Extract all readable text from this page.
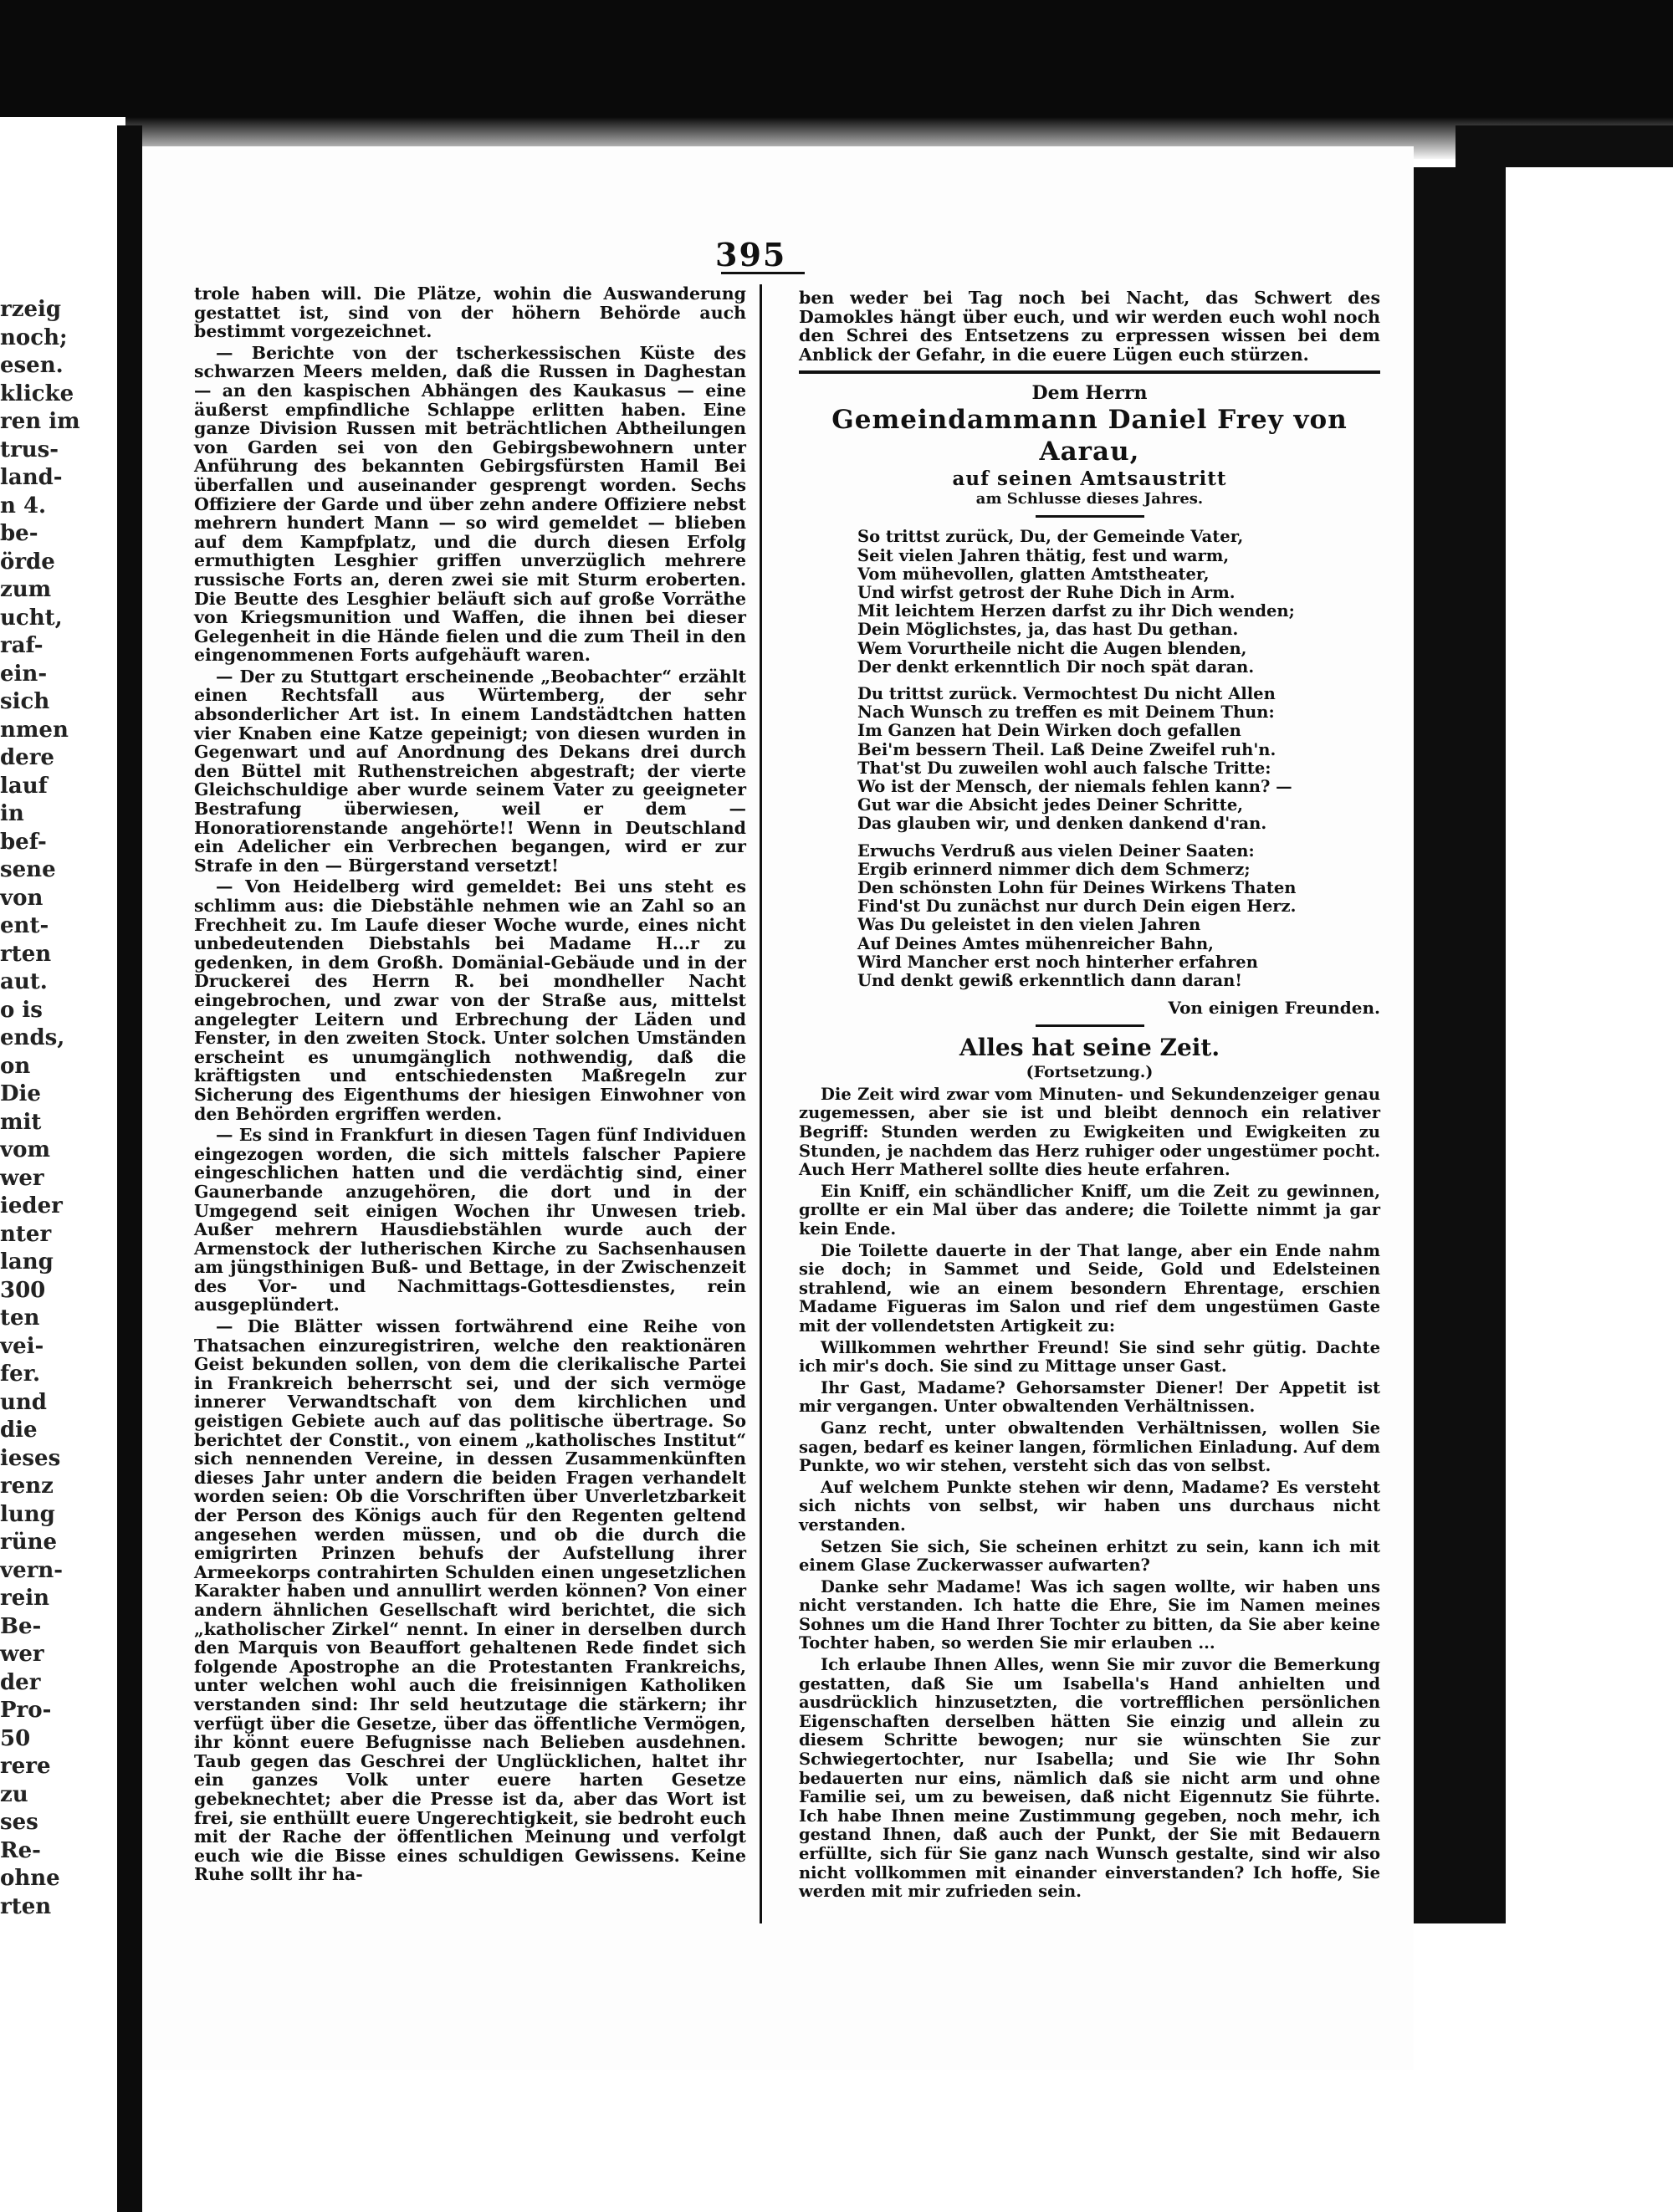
rzeig
noch;
esen.
klicke
ren im
trus-
land-
n 4.
be-
örde
zum
ucht,
raf-
ein-
sich
nmen
dere
lauf
in
bef-
sene
von
ent-
rten
aut.
o is
ends,
on
Die
mit
vom
wer
ieder
nter
lang
300
ten
vei-
fer.
und
die
ieses
renz
lung
rüne
vern-
rein
Be-
wer
der
Pro-
50
rere
zu
ses
Re-
ohne
rten
395

trole haben will. Die Plätze, wohin die Auswanderung gestattet ist, sind von der höhern Behörde auch bestimmt vorgezeichnet.

— Berichte von der tscherkessischen Küste des schwarzen Meers melden, daß die Russen in Daghestan — an den kaspischen Abhängen des Kaukasus — eine äußerst empfindliche Schlappe erlitten haben. Eine ganze Division Russen mit beträchtlichen Abtheilungen von Garden sei von den Gebirgsbewohnern unter Anführung des bekannten Gebirgsfürsten Hamil Bei überfallen und auseinander gesprengt worden. Sechs Offiziere der Garde und über zehn andere Offiziere nebst mehrern hundert Mann — so wird gemeldet — blieben auf dem Kampfplatz, und die durch diesen Erfolg ermuthigten Lesghier griffen unverzüglich mehrere russische Forts an, deren zwei sie mit Sturm eroberten. Die Beutte des Lesghier beläuft sich auf große Vorräthe von Kriegsmunition und Waffen, die ihnen bei dieser Gelegenheit in die Hände fielen und die zum Theil in den eingenommenen Forts aufgehäuft waren.

— Der zu Stuttgart erscheinende „Beobachter“ erzählt einen Rechtsfall aus Würtemberg, der sehr absonderlicher Art ist. In einem Landstädtchen hatten vier Knaben eine Katze gepeinigt; von diesen wurden in Gegenwart und auf Anordnung des Dekans drei durch den Büttel mit Ruthenstreichen abgestraft; der vierte Gleichschuldige aber wurde seinem Vater zu geeigneter Bestrafung überwiesen, weil er dem — Honoratiorenstande angehörte!! Wenn in Deutschland ein Adelicher ein Verbrechen begangen, wird er zur Strafe in den — Bürgerstand versetzt!

— Von Heidelberg wird gemeldet: Bei uns steht es schlimm aus: die Diebstähle nehmen wie an Zahl so an Frechheit zu. Im Laufe dieser Woche wurde, eines nicht unbedeutenden Diebstahls bei Madame H...r zu gedenken, in dem Großh. Domänial-Gebäude und in der Druckerei des Herrn R. bei mondheller Nacht eingebrochen, und zwar von der Straße aus, mittelst angelegter Leitern und Erbrechung der Läden und Fenster, in den zweiten Stock. Unter solchen Umständen erscheint es unumgänglich nothwendig, daß die kräftigsten und entschiedensten Maßregeln zur Sicherung des Eigenthums der hiesigen Einwohner von den Behörden ergriffen werden.

— Es sind in Frankfurt in diesen Tagen fünf Individuen eingezogen worden, die sich mittels falscher Papiere eingeschlichen hatten und die verdächtig sind, einer Gaunerbande anzugehören, die dort und in der Umgegend seit einigen Wochen ihr Unwesen trieb. Außer mehrern Hausdiebstählen wurde auch der Armenstock der lutherischen Kirche zu Sachsenhausen am jüngsthinigen Buß- und Bettage, in der Zwischenzeit des Vor- und Nachmittags-Gottesdienstes, rein ausgeplündert.

— Die Blätter wissen fortwährend eine Reihe von Thatsachen einzuregistriren, welche den reaktionären Geist bekunden sollen, von dem die clerikalische Partei in Frankreich beherrscht sei, und der sich vermöge innerer Verwandtschaft von dem kirchlichen und geistigen Gebiete auch auf das politische übertrage. So berichtet der Constit., von einem „katholisches Institut“ sich nennenden Vereine, in dessen Zusammenkünften dieses Jahr unter andern die beiden Fragen verhandelt worden seien: Ob die Vorschriften über Unverletzbarkeit der Person des Königs auch für den Regenten geltend angesehen werden müssen, und ob die durch die emigrirten Prinzen behufs der Aufstellung ihrer Armeekorps contrahirten Schulden einen ungesetzlichen Karakter haben und annullirt werden können? Von einer andern ähnlichen Gesellschaft wird berichtet, die sich „katholischer Zirkel“ nennt. In einer in derselben durch den Marquis von Beauffort gehaltenen Rede findet sich folgende Apostrophe an die Protestanten Frankreichs, unter welchen wohl auch die freisinnigen Katholiken verstanden sind: Ihr seld heutzutage die stärkern; ihr verfügt über die Gesetze, über das öffentliche Vermögen, ihr könnt euere Befugnisse nach Belieben ausdehnen. Taub gegen das Geschrei der Unglücklichen, haltet ihr ein ganzes Volk unter euere harten Gesetze gebeknechtet; aber die Presse ist da, aber das Wort ist frei, sie enthüllt euere Ungerechtigkeit, sie bedroht euch mit der Rache der öffentlichen Meinung und verfolgt euch wie die Bisse eines schuldigen Gewissens. Keine Ruhe sollt ihr ha-

ben weder bei Tag noch bei Nacht, das Schwert des Damokles hängt über euch, und wir werden euch wohl noch den Schrei des Entsetzens zu erpressen wissen bei dem Anblick der Gefahr, in die euere Lügen euch stürzen.

Dem Herrn
Gemeindammann Daniel Frey von Aarau,
auf seinen Amtsaustritt
am Schlusse dieses Jahres.
So trittst zurück, Du, der Gemeinde Vater,
Seit vielen Jahren thätig, fest und warm,
Vom mühevollen, glatten Amtstheater,
Und wirfst getrost der Ruhe Dich in Arm.
Mit leichtem Herzen darfst zu ihr Dich wenden;
Dein Möglichstes, ja, das hast Du gethan.
Wem Vorurtheile nicht die Augen blenden,
Der denkt erkenntlich Dir noch spät daran.
Du trittst zurück. Vermochtest Du nicht Allen
Nach Wunsch zu treffen es mit Deinem Thun:
Im Ganzen hat Dein Wirken doch gefallen
Bei'm bessern Theil. Laß Deine Zweifel ruh'n.
That'st Du zuweilen wohl auch falsche Tritte:
Wo ist der Mensch, der niemals fehlen kann? —
Gut war die Absicht jedes Deiner Schritte,
Das glauben wir, und denken dankend d'ran.
Erwuchs Verdruß aus vielen Deiner Saaten:
Ergib erinnerd nimmer dich dem Schmerz;
Den schönsten Lohn für Deines Wirkens Thaten
Find'st Du zunächst nur durch Dein eigen Herz.
Was Du geleistet in den vielen Jahren
Auf Deines Amtes mühenreicher Bahn,
Wird Mancher erst noch hinterher erfahren
Und denkt gewiß erkenntlich dann daran!
Von einigen Freunden.
Alles hat seine Zeit.
(Fortsetzung.)

Die Zeit wird zwar vom Minuten- und Sekundenzeiger genau zugemessen, aber sie ist und bleibt dennoch ein relativer Begriff: Stunden werden zu Ewigkeiten und Ewigkeiten zu Stunden, je nachdem das Herz ruhiger oder ungestümer pocht. Auch Herr Matherel sollte dies heute erfahren.

Ein Kniff, ein schändlicher Kniff, um die Zeit zu gewinnen, grollte er ein Mal über das andere; die Toilette nimmt ja gar kein Ende.

Die Toilette dauerte in der That lange, aber ein Ende nahm sie doch; in Sammet und Seide, Gold und Edelsteinen strahlend, wie an einem besondern Ehrentage, erschien Madame Figueras im Salon und rief dem ungestümen Gaste mit der vollendetsten Artigkeit zu:

Willkommen wehrther Freund! Sie sind sehr gütig. Dachte ich mir's doch. Sie sind zu Mittage unser Gast.

Ihr Gast, Madame? Gehorsamster Diener! Der Appetit ist mir vergangen. Unter obwaltenden Verhältnissen.

Ganz recht, unter obwaltenden Verhältnissen, wollen Sie sagen, bedarf es keiner langen, förmlichen Einladung. Auf dem Punkte, wo wir stehen, versteht sich das von selbst.

Auf welchem Punkte stehen wir denn, Madame? Es versteht sich nichts von selbst, wir haben uns durchaus nicht verstanden.

Setzen Sie sich, Sie scheinen erhitzt zu sein, kann ich mit einem Glase Zuckerwasser aufwarten?

Danke sehr Madame! Was ich sagen wollte, wir haben uns nicht verstanden. Ich hatte die Ehre, Sie im Namen meines Sohnes um die Hand Ihrer Tochter zu bitten, da Sie aber keine Tochter haben, so werden Sie mir erlauben ...

Ich erlaube Ihnen Alles, wenn Sie mir zuvor die Bemerkung gestatten, daß Sie um Isabella's Hand anhielten und ausdrücklich hinzusetzten, die vortrefflichen persönlichen Eigenschaften derselben hätten Sie einzig und allein zu diesem Schritte bewogen; nur sie wünschten Sie zur Schwiegertochter, nur Isabella; und Sie wie Ihr Sohn bedauerten nur eins, nämlich daß sie nicht arm und ohne Familie sei, um zu beweisen, daß nicht Eigennutz Sie führte. Ich habe Ihnen meine Zustimmung gegeben, noch mehr, ich gestand Ihnen, daß auch der Punkt, der Sie mit Bedauern erfüllte, sich für Sie ganz nach Wunsch gestalte, sind wir also nicht vollkommen mit einander einverstanden? Ich hoffe, Sie werden mit mir zufrieden sein.
